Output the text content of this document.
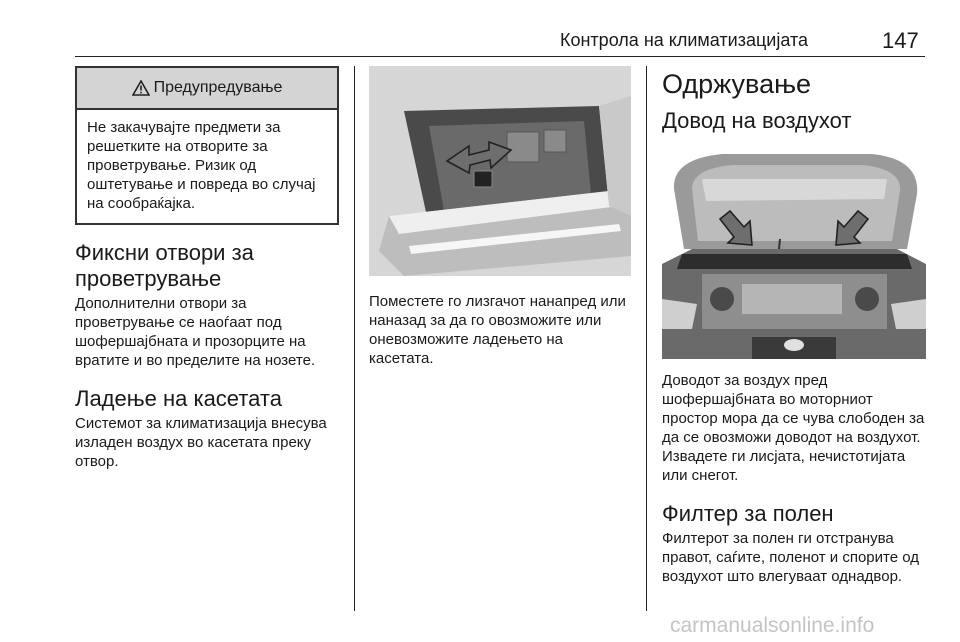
Контрола на климатизацијата	147
Предупредување
Не закачувајте предмети за решетките на отворите за проветрување. Ризик од оштетување и повреда во случај на сообраќајка.
Фиксни отвори за
проветрување

Дополнителни отвори за проветрување се наоѓаат под шофершајбната и прозорците на вратите и во пределите на нозете.

Ладење на касетата

Системот за климатизација внесува изладен воздух во касетата преку отвор.

Поместете го лизгачот нанапред или наназад за да го овозможите или оневозможите ладењето на касетата.

Одржување
Довод на воздухот

Доводот за воздух пред шофершајбната во моторниот простор мора да се чува слободен за да се овозможи доводот на воздухот. Извадете ги лисјата, нечистотијата или снегот.

Филтер за полен

Филтерот за полен ги отстранува правот, саѓите, поленот и спорите од воздухот што влегуваат однадвор.

carmanualsonline.info
